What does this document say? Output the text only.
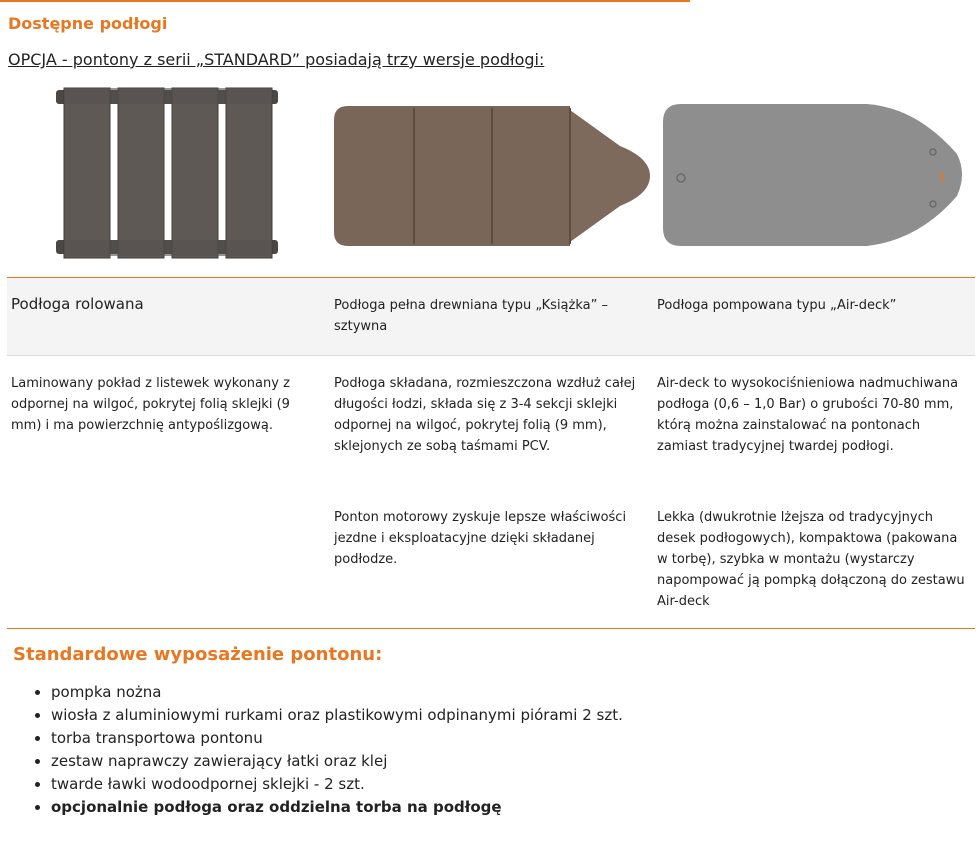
Dostępne podłogi
OPCJA - pontony z serii „STANDARD” posiadają trzy wersje podłogi:
Podłoga rolowana	Podłoga pełna drewniana typu „Książka” – sztywna
Podłoga pompowana typu „Air-deck”
Laminowany pokład z listewek wykonany z odpornej na wilgoć, pokrytej folią sklejki (9 mm) i ma powierzchnię antypoślizgową.
Podłoga składana, rozmieszczona wzdłuż całej długości łodzi, składa się z 3-4 sekcji sklejki odpornej na wilgoć, pokrytej folią (9 mm), sklejonych ze sobą taśmami PCV.
Air-deck to wysokociśnieniowa nadmuchiwana podłoga (0,6 – 1,0 Bar) o grubości 70-80 mm, którą można zainstalować na pontonach zamiast tradycyjnej twardej podłogi.
Ponton motorowy zyskuje lepsze właściwości jezdne i eksploatacyjne dzięki składanej podłodze.
Lekka (dwukrotnie lżejsza od tradycyjnych desek podłogowych), kompaktowa (pakowana w torbę), szybka w montażu (wystarczy napompować ją pompką dołączoną do zestawu Air-deck
Standardowe wyposażenie pontonu:
• pompka nożna
• wiosła z aluminiowymi rurkami oraz plastikowymi odpinanymi piórami 2 szt.
• torba transportowa pontonu
• zestaw naprawczy zawierający łatki oraz klej
• twarde ławki wodoodpornej sklejki - 2 szt.
• opcjonalnie podłoga oraz oddzielna torba na podłogę
